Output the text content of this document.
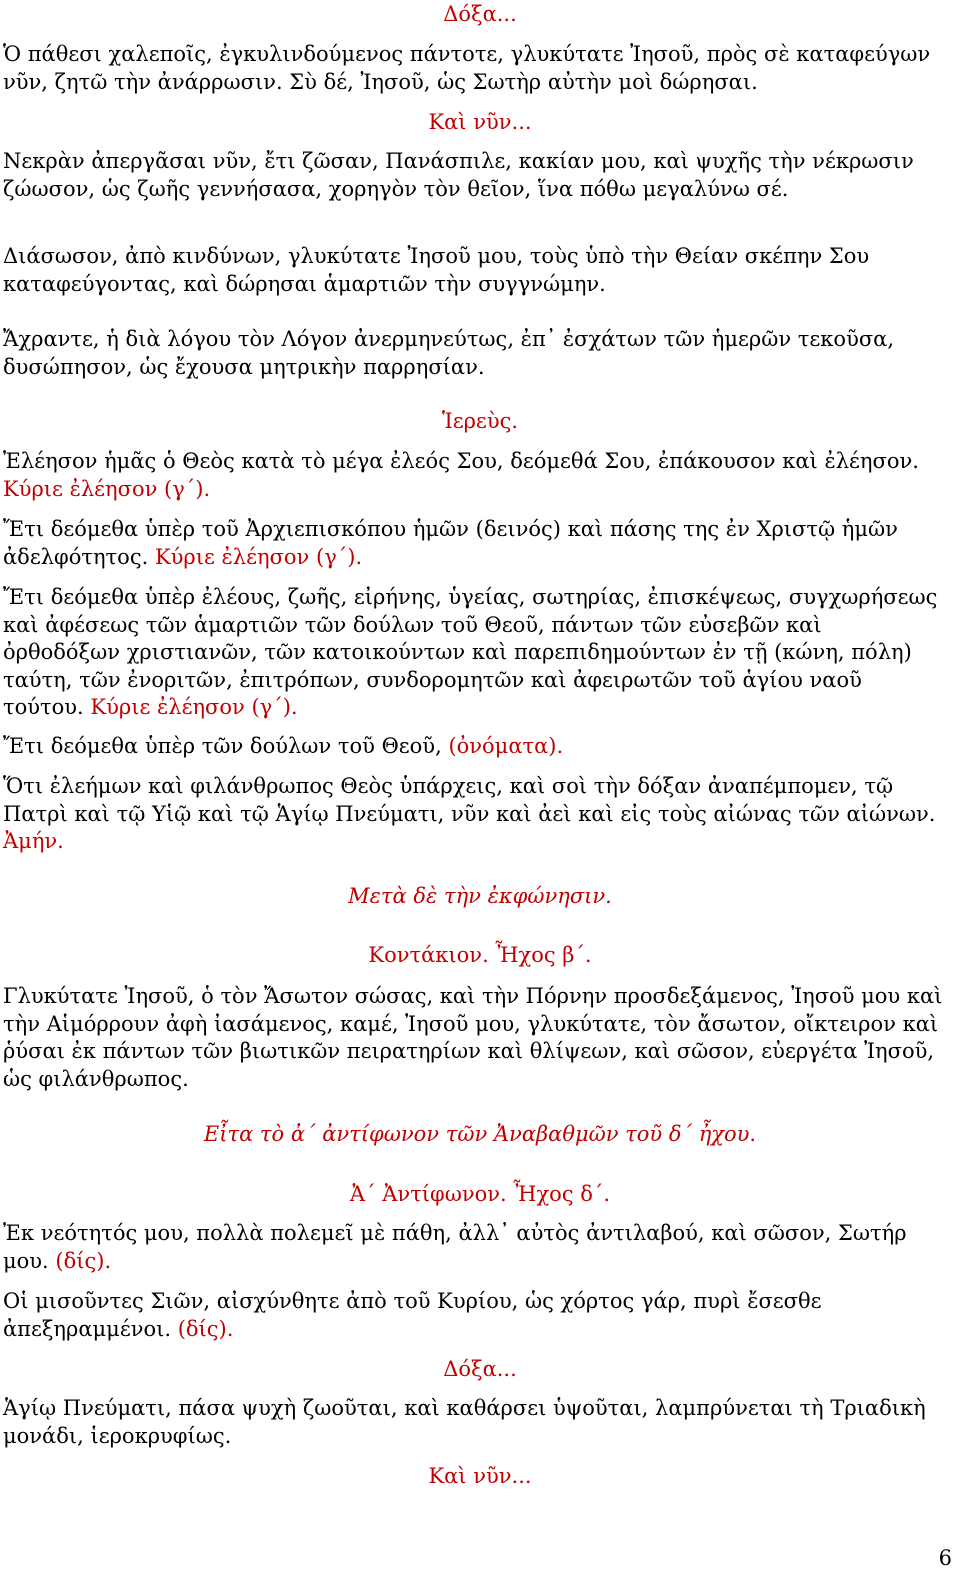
Δόξα...

Ὁ πάθεσι χαλεποῖς, ἐγκυλινδούμενος πάντοτε, γλυκύτατε Ἰησοῦ, πρὸς σὲ καταφεύγων νῦν, ζητῶ τὴν ἀνάρρωσιν. Σὺ δέ, Ἰησοῦ, ὡς Σωτὴρ αὐτὴν μοὶ δώρησαι.

Καὶ νῦν...

Νεκρὰν ἀπεργᾶσαι νῦν, ἔτι ζῶσαν, Πανάσπιλε, κακίαν μου, καὶ ψυχῆς τὴν νέκρωσιν ζώωσον, ὡς ζωῆς γεννήσασα, χορηγὸν τὸν θεῖον, ἵνα πόθω μεγαλύνω σέ.

Διάσωσον, ἀπὸ κινδύνων, γλυκύτατε Ἰησοῦ μου, τοὺς ὑπὸ τὴν Θείαν σκέπην Σου καταφεύγοντας, καὶ δώρησαι ἁμαρτιῶν τὴν συγγνώμην.

Ἄχραντε, ἡ διὰ λόγου τὸν Λόγον ἀνερμηνεύτως, ἐπ᾽ ἐσχάτων τῶν ἡμερῶν τεκοῦσα, δυσώπησον, ὡς ἔχουσα μητρικὴν παρρησίαν.

Ἱερεὺς.

Ἐλέησον ἡμᾶς ὁ Θεὸς κατὰ τὸ μέγα ἐλεός Σου, δεόμεθά Σου, ἐπάκουσον καὶ ἐλέησον. Κύριε ἐλέησον (γ΄).

Ἔτι δεόμεθα ὑπὲρ τοῦ Ἀρχιεπισκόπου ἡμῶν (δεινός) καὶ πάσης της ἐν Χριστῷ ἡμῶν ἀδελφότητος. Κύριε ἐλέησον (γ΄).

Ἔτι δεόμεθα ὑπὲρ ἐλέους, ζωῆς, εἰρήνης, ὑγείας, σωτηρίας, ἐπισκέψεως, συγχωρήσεως καὶ ἀφέσεως τῶν ἁμαρτιῶν τῶν δούλων τοῦ Θεοῦ, πάντων τῶν εὐσεβῶν καὶ ὀρθοδόξων χριστιανῶν, τῶν κατοικούντων καὶ παρεπιδημούντων ἐν τῇ (κώνη, πόλη) ταύτη, τῶν ἐνοριτῶν, ἐπιτρόπων, συνδορομητῶν καὶ ἀφειρωτῶν τοῦ ἁγίου ναοῦ τούτου. Κύριε ἐλέησον (γ΄).

Ἔτι δεόμεθα ὑπὲρ τῶν δούλων τοῦ Θεοῦ, (ὀνόματα).

Ὅτι ἐλεήμων καὶ φιλάνθρωπος Θεὸς ὑπάρχεις, καὶ σοὶ τὴν δόξαν ἀναπέμπομεν, τῷ Πατρὶ καὶ τῷ Υἱῷ καὶ τῷ Ἁγίῳ Πνεύματι, νῦν καὶ ἀεὶ καὶ εἰς τοὺς αἰώνας τῶν αἰώνων. Ἀμήν.

Μετὰ δὲ τὴν ἐκφώνησιν.
Κοντάκιον. Ἦχος β΄.

Γλυκύτατε Ἰησοῦ, ὁ τὸν Ἄσωτον σώσας, καὶ τὴν Πόρνην προσδεξάμενος, Ἰησοῦ μου καὶ τὴν Αἱμόρρουν ἀφὴ ἰασάμενος, καμέ, Ἰησοῦ μου, γλυκύτατε, τὸν ἄσωτον, οἴκτειρον καὶ ῥύσαι ἐκ πάντων τῶν βιωτικῶν πειρατηρίων καὶ θλίψεων, καὶ σῶσον, εὐεργέτα Ἰησοῦ, ὡς φιλάνθρωπος.

Εἶτα τὸ ἀ΄ ἀντίφωνον τῶν Ἀναβαθμῶν τοῦ δ΄ ἦχου.
Ἀ΄ Ἀντίφωνον. Ἦχος δ΄.

Ἐκ νεότητός μου, πολλὰ πολεμεῖ μὲ πάθη, ἀλλ᾽ αὐτὸς ἀντιλαβού, καὶ σῶσον, Σωτήρ μου. (δίς).

Οἱ μισοῦντες Σιῶν, αἰσχύνθητε ἀπὸ τοῦ Κυρίου, ὡς χόρτος γάρ, πυρὶ ἔσεσθε ἀπεξηραμμένοι. (δίς).

Δόξα...

Ἁγίῳ Πνεύματι, πάσα ψυχὴ ζωοῦται, καὶ καθάρσει ὑψοῦται, λαμπρύνεται τὴ Τριαδικὴ μονάδι, ἱεροκρυφίως.

Καὶ νῦν...
6
